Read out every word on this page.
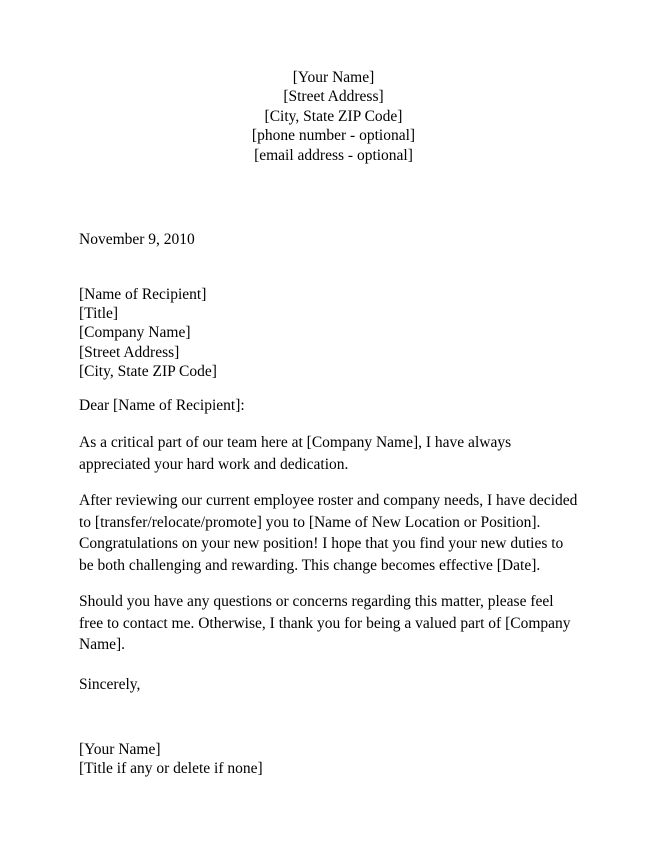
[Your Name]
[Street Address]
[City, State ZIP Code]
[phone number - optional]
[email address - optional]
November 9, 2010
[Name of Recipient]
[Title]
[Company Name]
[Street Address]
[City, State ZIP Code]
Dear [Name of Recipient]:

As a critical part of our team here at [Company Name], I have always appreciated your hard work and dedication.

After reviewing our current employee roster and company needs, I have decided to [transfer/relocate/promote] you to [Name of New Location or Position]. Congratulations on your new position! I hope that you find your new duties to be both challenging and rewarding. This change becomes effective [Date].

Should you have any questions or concerns regarding this matter, please feel free to contact me. Otherwise, I thank you for being a valued part of [Company Name].

Sincerely,
[Your Name]
[Title if any or delete if none]
